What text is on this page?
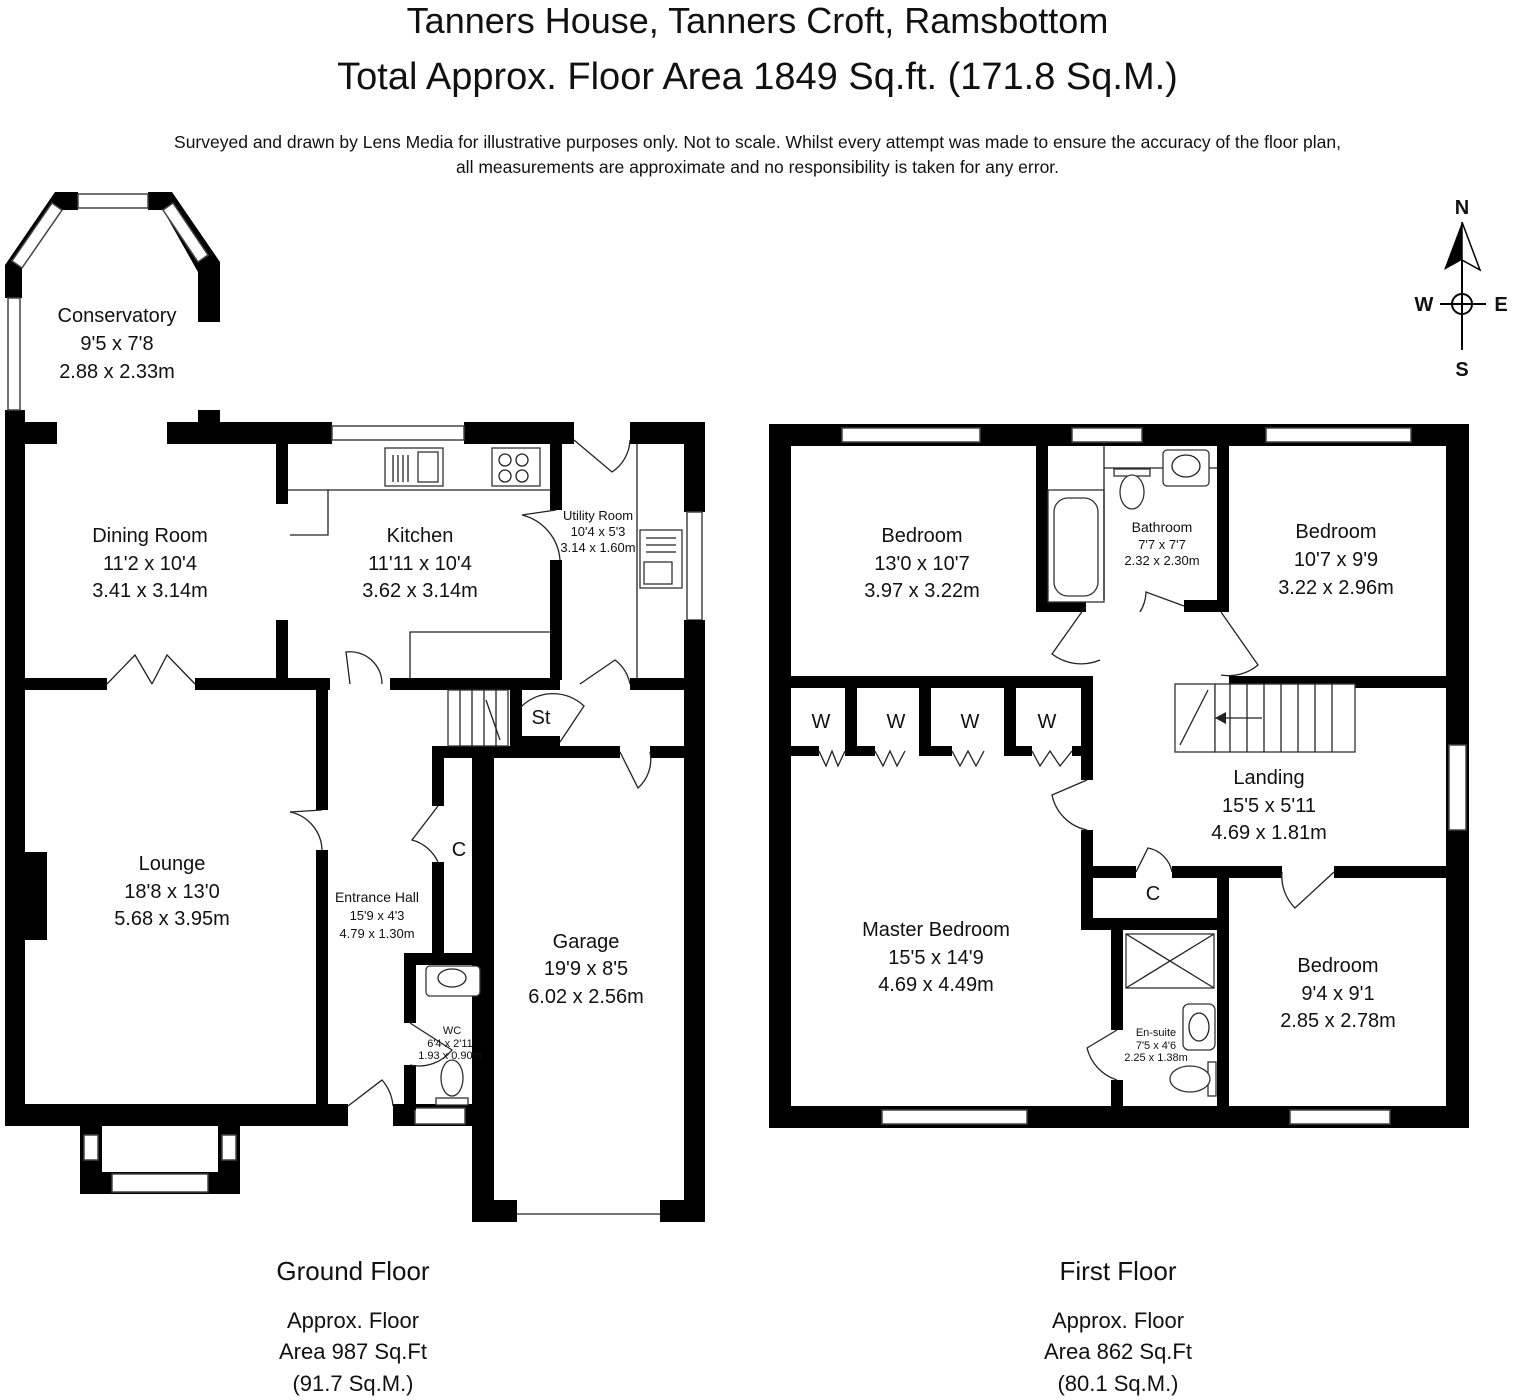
Tanners House, Tanners Croft, Ramsbottom
Total Approx. Floor Area 1849 Sq.ft. (171.8 Sq.M.)
Surveyed and drawn by Lens Media for illustrative purposes only. Not to scale. Whilst every attempt was made to ensure the accuracy of the floor plan,
all measurements are approximate and no responsibility is taken for any error.
N
S
W	E
Conservatory
9'5 x 7'8
2.88 x 2.33m
Dining Room
11'2 x 10'4
3.41 x 3.14m
Kitchen
11'11 x 10'4
3.62 x 3.14m
Utility Room
10'4 x 5'3
3.14 x 1.60m
Lounge
18'8 x 13'0
5.68 x 3.95m
Entrance Hall
15'9 x 4'3
4.79 x 1.30m	Garage
19'9 x 8'5
6.02 x 2.56m
WC
6'4 x 2'11
1.93 x 0.90m
St
C
Bedroom
13'0 x 10'7
3.97 x 3.22m
Bathroom
7'7 x 7'7
2.32 x 2.30m
Bedroom
10'7 x 9'9
3.22 x 2.96m
Landing
15'5 x 5'11
4.69 x 1.81m
Master Bedroom
15'5 x 14'9
4.69 x 4.49m
En-suite
7'5 x 4'6
2.25 x 1.38m
Bedroom
9'4 x 9'1
2.85 x 2.78m
C
W	W	W	W
Ground Floor
Approx. Floor
Area 987 Sq.Ft
(91.7 Sq.M.)
First Floor
Approx. Floor
Area 862 Sq.Ft
(80.1 Sq.M.)
